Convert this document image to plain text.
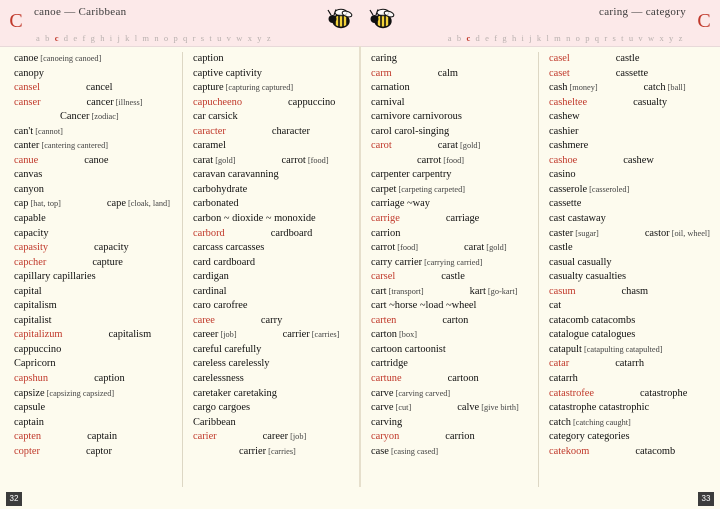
C	canoe — Caribbean
a b c d e f g h i j k l m n o p q r s t u v w x y z
C
caring — category
a b c d e f g h i j k l m n o p q r s t u v w x y z
canoe [canoeing canoed]
canopy
cansel	cancel
canser	cancer [illness]
Cancer [zodiac]
can't [cannot]
canter [cantering cantered]
canue	canoe
canvas
canyon
cap [hat, top]	cape [cloak, land]
capable
capacity
capasity	capacity
capcher	capture
capillary capillaries
capital
capitalism
capitalist
capitalizum	capitalism
cappuccino
Capricorn
capshun	caption
capsize [capsizing capsized]
capsule
captain
capten	captain
copter	captor
caption
captive captivity
capture [capturing captured]
capucheeno	cappuccino
car carsick
caracter	character
caramel
carat [gold]	carrot [food]
caravan caravanning
carbohydrate
carbonated
carbon ~ dioxide ~ monoxide
carbord	cardboard
carcass carcasses
card cardboard
cardigan
cardinal
caro carofree
caree	carry
career [job]	carrier [carries]
careful carefully
careless carelessly
carelessness
caretaker caretaking
cargo cargoes
Caribbean
carier	career [job]
carrier [carries]
caring
carm	calm
carnation
carnival
carnivore carnivorous
carol carol-singing
carot	carat [gold]
carrot [food]
carpenter carpentry
carpet [carpeting carpeted]
carriage ~way
carrige	carriage
carrion
carrot [food]	carat [gold]
carry carrier [carrying carried]
carsel	castle
cart [transport]	kart [go-kart]
cart ~horse ~load ~wheel
carten	carton
carton [box]
cartoon cartoonist
cartridge
cartune	cartoon
carve [carving carved]
carve [cut]	calve [give birth]
carving
caryon	carrion
case [casing cased]
casel	castle
caset	cassette
cash [money]	catch [ball]
casheltee	casualty
cashew
cashier
cashmere
cashoe	cashew
casino
casserole [casseroled]
cassette
cast castaway
caster [sugar]	castor [oil, wheel]
castle
casual casually
casualty casualties
casum	chasm
cat
catacomb catacombs
catalogue catalogues
catapult [catapulting catapulted]
catar	catarrh
catarrh
catastrofee	catastrophe
catastrophe catastrophic
catch [catching caught]
category categories
catekoom	catacomb
32	33
